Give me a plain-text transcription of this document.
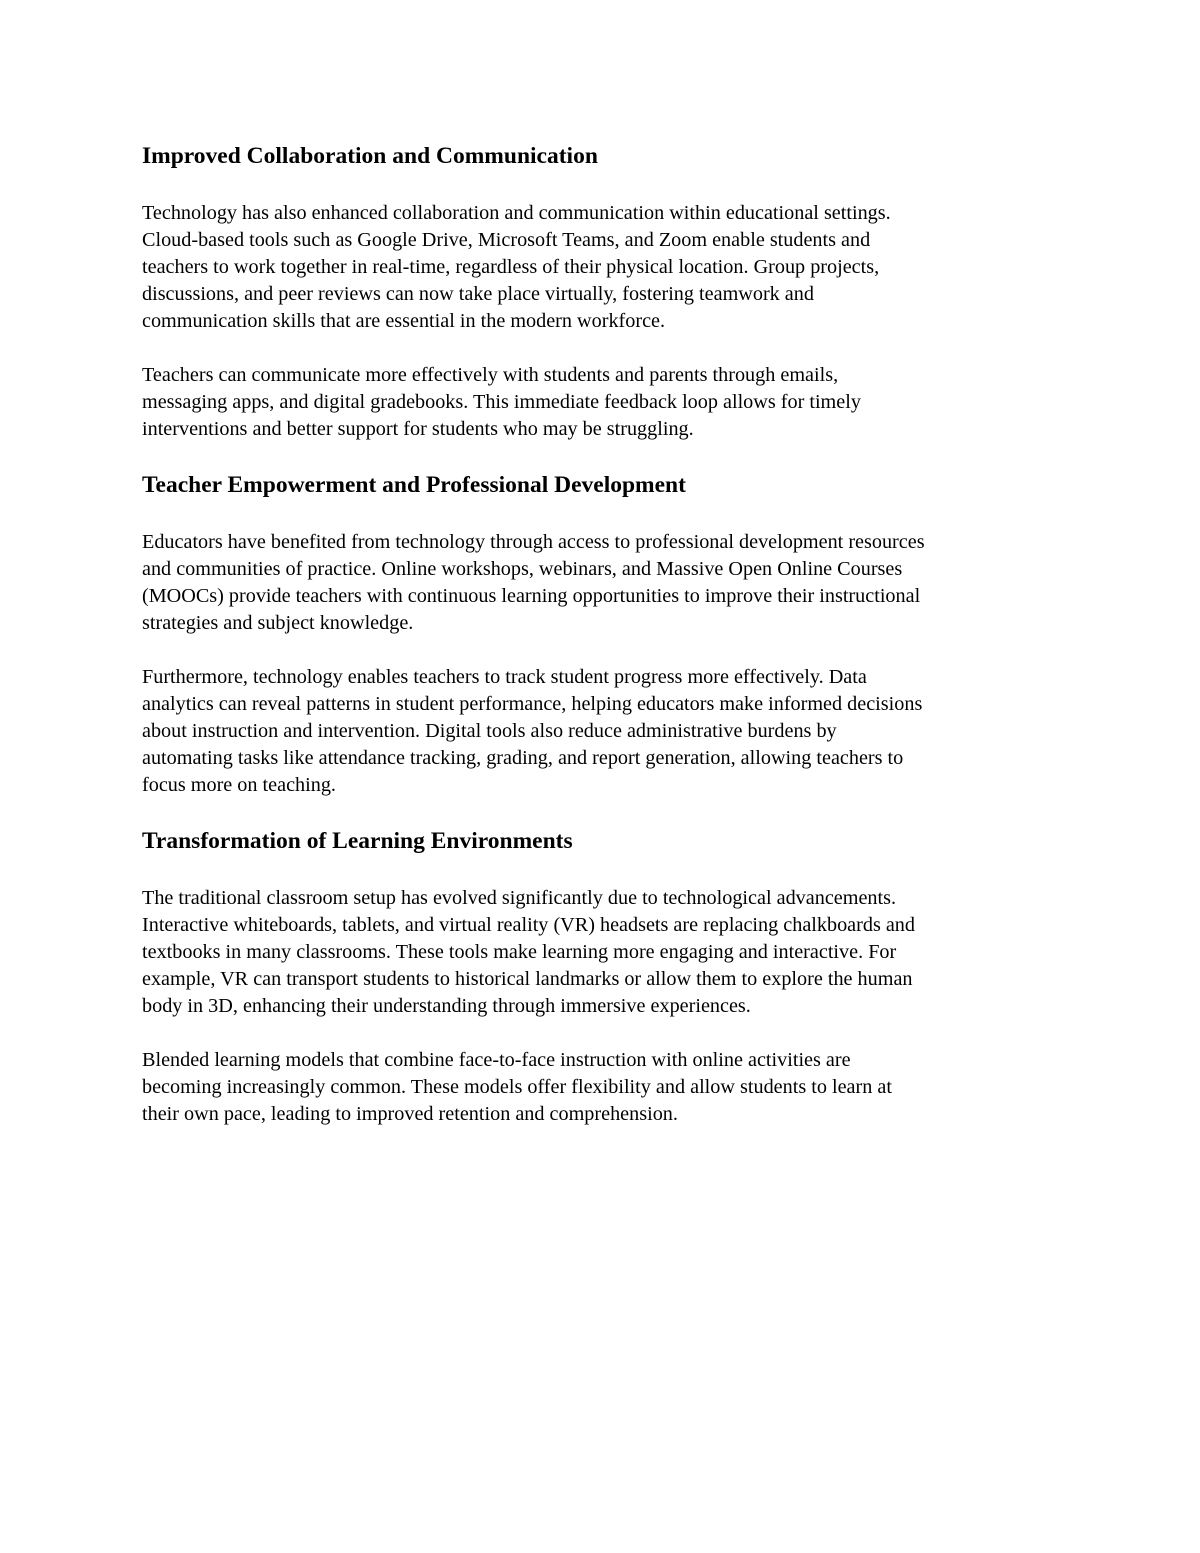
Improved Collaboration and Communication

Technology has also enhanced collaboration and communication within educational settings.
Cloud-based tools such as Google Drive, Microsoft Teams, and Zoom enable students and
teachers to work together in real-time, regardless of their physical location. Group projects,
discussions, and peer reviews can now take place virtually, fostering teamwork and
communication skills that are essential in the modern workforce.

Teachers can communicate more effectively with students and parents through emails,
messaging apps, and digital gradebooks. This immediate feedback loop allows for timely
interventions and better support for students who may be struggling.

Teacher Empowerment and Professional Development

Educators have benefited from technology through access to professional development resources
and communities of practice. Online workshops, webinars, and Massive Open Online Courses
(MOOCs) provide teachers with continuous learning opportunities to improve their instructional
strategies and subject knowledge.

Furthermore, technology enables teachers to track student progress more effectively. Data
analytics can reveal patterns in student performance, helping educators make informed decisions
about instruction and intervention. Digital tools also reduce administrative burdens by
automating tasks like attendance tracking, grading, and report generation, allowing teachers to
focus more on teaching.

Transformation of Learning Environments

The traditional classroom setup has evolved significantly due to technological advancements.
Interactive whiteboards, tablets, and virtual reality (VR) headsets are replacing chalkboards and
textbooks in many classrooms. These tools make learning more engaging and interactive. For
example, VR can transport students to historical landmarks or allow them to explore the human
body in 3D, enhancing their understanding through immersive experiences.

Blended learning models that combine face-to-face instruction with online activities are
becoming increasingly common. These models offer flexibility and allow students to learn at
their own pace, leading to improved retention and comprehension.
